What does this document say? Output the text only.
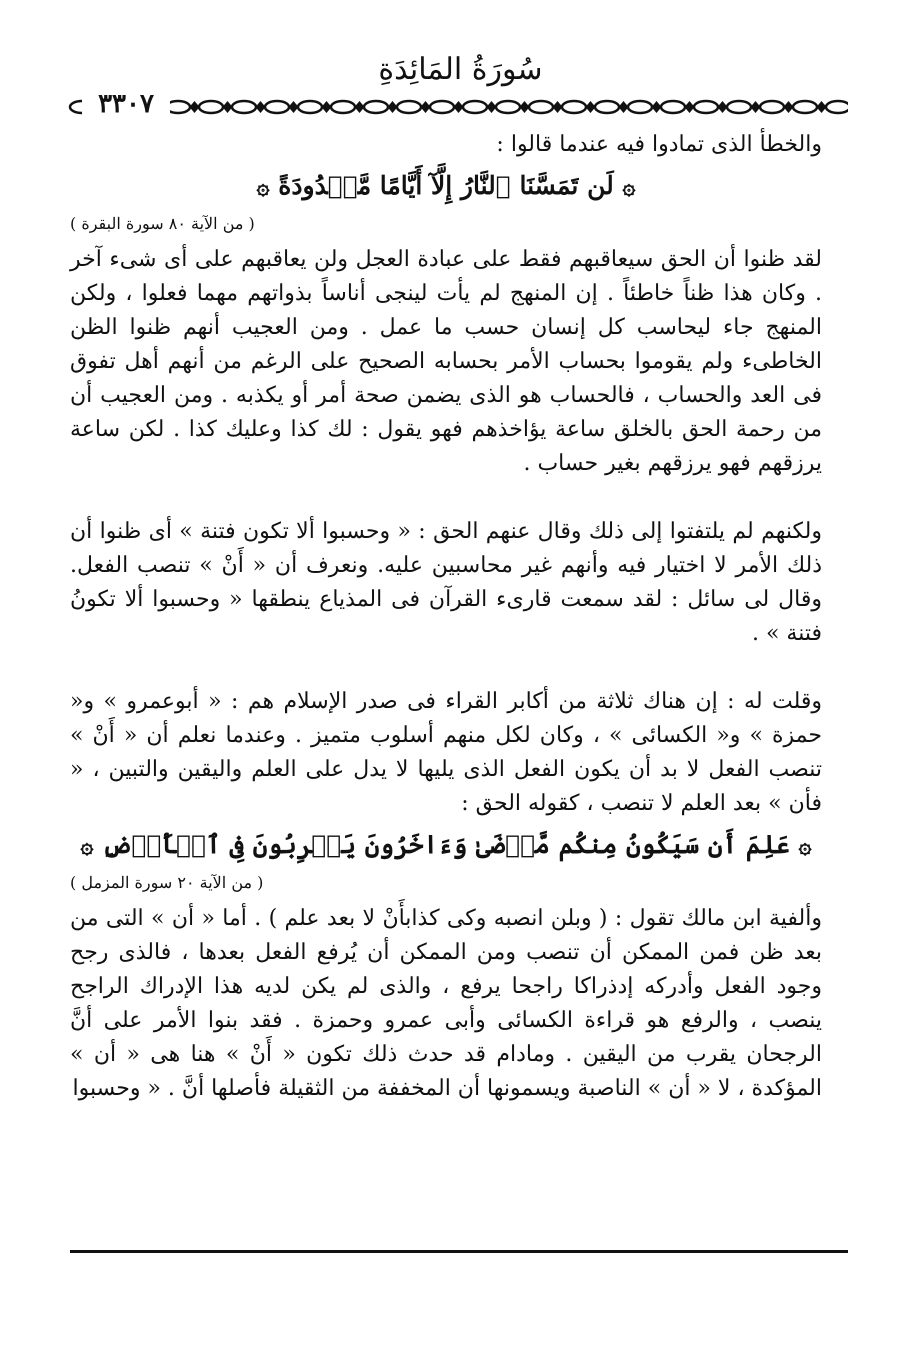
سُورَةُ المَائِدَةِ
٣٣٠٧

والخطأ الذى تمادوا فيه عندما قالوا :

۞ لَن تَمَسَّنَا ٱلنَّارُ إِلَّآ أَيَّامًا مَّعۡدُودَةً ۞
( من الآية ٨٠ سورة البقرة )

لقد ظنوا أن الحق سيعاقبهم فقط على عبادة العجل ولن يعاقبهم على أى شىء آخر . وكان هذا ظناً خاطئاً . إن المنهج لم يأت لينجى أناساً بذواتهم مهما فعلوا ، ولكن المنهج جاء ليحاسب كل إنسان حسب ما عمل . ومن العجيب أنهم ظنوا الظن الخاطىء ولم يقوموا بحساب الأمر بحسابه الصحيح على الرغم من أنهم أهل تفوق فى العد والحساب ، فالحساب هو الذى يضمن صحة أمر أو يكذبه . ومن العجيب أن من رحمة الحق بالخلق ساعة يؤاخذهم فهو يقول : لك كذا وعليك كذا . لكن ساعة يرزقهم فهو يرزقهم بغير حساب .

ولكنهم لم يلتفتوا إلى ذلك وقال عنهم الحق : « وحسبوا ألا تكون فتنة » أى ظنوا أن ذلك الأمر لا اختيار فيه وأنهم غير محاسبين عليه. ونعرف أن « أَنْ » تنصب الفعل. وقال لى سائل : لقد سمعت قارىء القرآن فى المذياع ينطقها « وحسبوا ألا تكونُ فتنة » .

وقلت له : إن هناك ثلاثة من أكابر القراء فى صدر الإسلام هم : « أبوعمرو » و« حمزة » و« الكسائى » ، وكان لكل منهم أسلوب متميز . وعندما نعلم أن « أَنْ » تنصب الفعل لا بد أن يكون الفعل الذى يليها لا يدل على العلم واليقين والتبين ، « فأن » بعد العلم لا تنصب ، كقوله الحق :

۞ عَلِمَ أَن سَيَكُونُ مِنكُم مَّرۡضَىٰ وَءَاخَرُونَ يَضۡرِبُونَ فِى ٱلۡأَرۡضِ ۞
( من الآية ٢٠ سورة المزمل )

وألفية ابن مالك تقول : ( وبلن انصبه وكى كذابأَنْ لا بعد علم ) . أما « أن » التى من بعد ظن فمن الممكن أن تنصب ومن الممكن أن يُرفع الفعل بعدها ، فالذى رجح وجود الفعل وأدركه إدذراكا راجحا يرفع ، والذى لم يكن لديه هذا الإدراك الراجح ينصب ، والرفع هو قراءة الكسائى وأبى عمرو وحمزة . فقد بنوا الأمر على أنَّ الرجحان يقرب من اليقين . ومادام قد حدث ذلك تكون « أَنْ » هنا هى « أن » المؤكدة ، لا « أن » الناصبة ويسمونها أن المخففة من الثقيلة فأصلها أنَّ . « وحسبوا
